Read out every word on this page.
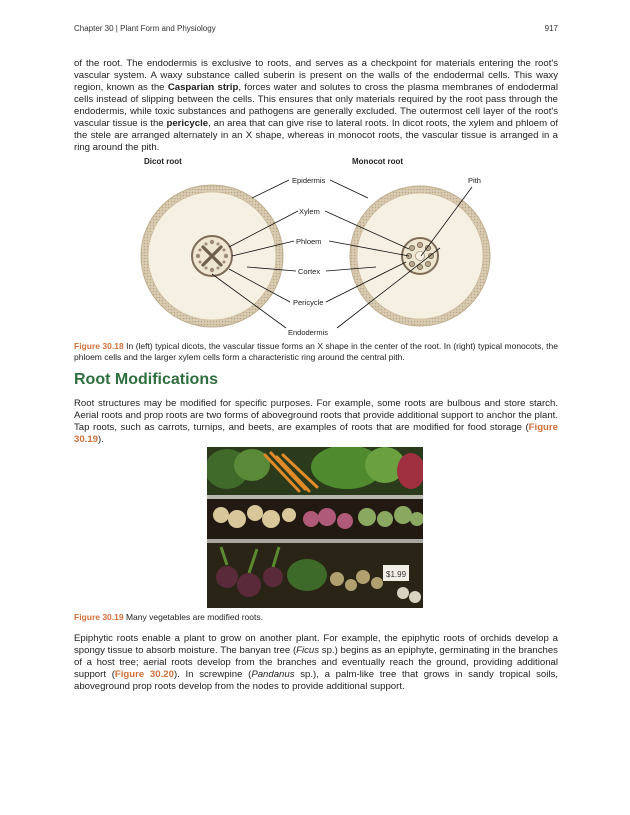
Chapter 30 | Plant Form and Physiology	917

of the root. The endodermis is exclusive to roots, and serves as a checkpoint for materials entering the root's vascular system. A waxy substance called suberin is present on the walls of the endodermal cells. This waxy region, known as the Casparian strip, forces water and solutes to cross the plasma membranes of endodermal cells instead of slipping between the cells. This ensures that only materials required by the root pass through the endodermis, while toxic substances and pathogens are generally excluded. The outermost cell layer of the root's vascular tissue is the pericycle, an area that can give rise to lateral roots. In dicot roots, the xylem and phloem of the stele are arranged alternately in an X shape, whereas in monocot roots, the vascular tissue is arranged in a ring around the pith.

Dicot root	Monocot root
Epidermis
Xylem
Phloem
Cortex
Pericycle
Endodermis
Pith

Figure 30.18 In (left) typical dicots, the vascular tissue forms an X shape in the center of the root. In (right) typical monocots, the phloem cells and the larger xylem cells form a characteristic ring around the central pith.

Root Modifications

Root structures may be modified for specific purposes. For example, some roots are bulbous and store starch. Aerial roots and prop roots are two forms of aboveground roots that provide additional support to anchor the plant. Tap roots, such as carrots, turnips, and beets, are examples of roots that are modified for food storage (Figure 30.19).

$1.99

Figure 30.19 Many vegetables are modified roots.

Epiphytic roots enable a plant to grow on another plant. For example, the epiphytic roots of orchids develop a spongy tissue to absorb moisture. The banyan tree (Ficus sp.) begins as an epiphyte, germinating in the branches of a host tree; aerial roots develop from the branches and eventually reach the ground, providing additional support (Figure 30.20). In screwpine (Pandanus sp.), a palm-like tree that grows in sandy tropical soils, aboveground prop roots develop from the nodes to provide additional support.
